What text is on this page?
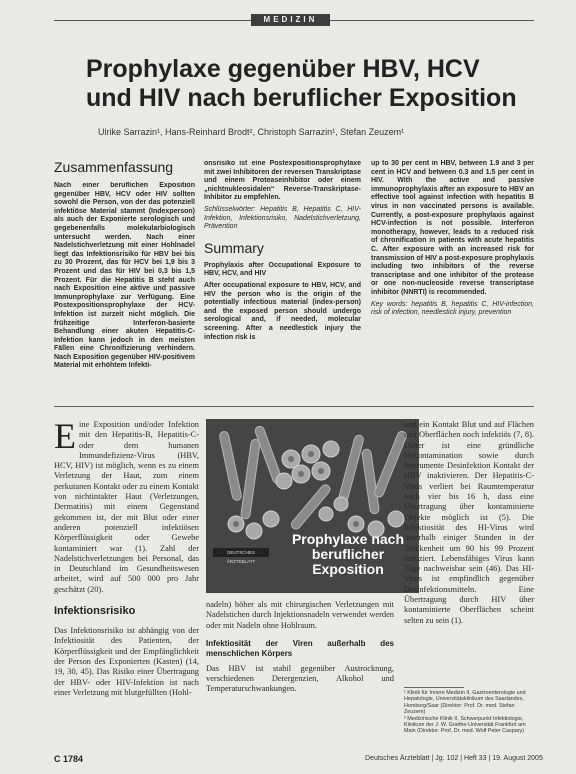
MEDIZIN
Prophylaxe gegenüber HBV, HCV
und HIV nach beruflicher Exposition
Ulrike Sarrazin¹, Hans-Reinhard Brodt², Christoph Sarrazin¹, Stefan Zeuzem¹
Zusammenfassung

Nach einer beruflichen Exposition gegenüber HBV, HCV oder HIV sollten sowohl die Person, von der das potenziell infektiöse Material stammt (Indexperson) als auch der Exponierte serologisch und gegebenenfalls molekularbiologisch untersucht werden. Nach einer Nadelstichverletzung mit einer Hohlnadel liegt das Infektionsrisiko für HBV bei bis zu 30 Prozent, das für HCV bei 1,9 bis 3 Prozent und das für HIV bei 0,3 bis 1,5 Prozent. Für die Hepatitis B steht auch nach Exposition eine aktive und passive Immunprophylaxe zur Verfügung. Eine Postexpositionsprophylaxe der HCV-Infektion ist zurzeit nicht möglich. Die frühzeitige Interferon-basierte Behandlung einer akuten Hepatitis-C-Infektion kann jedoch in den meisten Fällen eine Chronifizierung verhindern. Nach Exposition gegenüber HIV-positivem Material mit erhöhtem Infekti-

onsrisiko ist eine Postexpositionsprophylaxe mit zwei Inhibitoren der reversen Transkriptase und einem Proteaseinhibitor oder einem „nichtnukleosidalen“ Reverse-Transkriptase-Inhibitor zu empfehlen.

Schlüsselwörter: Hepatitis B, Hepatitis C, HIV-Infektion, Infektionsrisiko, Nadelstichverletzung, Prävention

Summary

Prophylaxis after Occupational Exposure to HBV, HCV, and HIV

After occupational exposure to HBV, HCV, and HIV the person who is the origin of the potentially infectious material (index-person) and the exposed person should undergo serological and, if needed, molecular screening. After a needlestick injury the infection risk is

up to 30 per cent in HBV, between 1.9 and 3 per cent in HCV and between 0.3 and 1.5 per cent in HIV. With the active and passive immunoprophylaxis after an exposure to HBV an effective tool against infection with hepatitis B virus in non vaccinated persons is available. Currently, a post-exposure prophylaxis against HCV-infection is not possible. Interferon monotherapy, however, leads to a reduced risk of chronification in patients with acute hepatitis C. After exposure with an increased risk for transmission of HIV a post-exposure prophylaxis including two inhibitors of the reverse transcriptase and one inhibitor of the protease or one non-nucleoside reverse transcriptase inhibitor (NNRTI) is recommended.

Key words: hepatitis B, hepatitis C, HIV-infection, risk of infection, needlestick injury, prevention

E ine Exposition und/oder Infektion mit den Hepatitis-B, Hepatitis-C- oder dem humanen Immundefizienz-Virus (HBV, HCV, HIV) ist möglich, wenn es zu einem Verletzung der Haut, zum einem perkutanen Kontakt oder zu einem Kontakt von nichtintakter Haut (Verletzungen, Dermatitis) mit einem Gegenstand gekommen ist, der mit Blut oder einer anderen potenziell infektiösen Körperflüssigkeit oder Gewebe kontaminiert war (1). Zahl der Nadelstichverletzungen bei Personal, das in Deutschland im Gesundheitswesen arbeitet, wird auf 500 000 pro Jahr geschätzt (20).
Infektionsrisiko
Das Infektionsrisiko ist abhängig von der Infektiosität des Patienten, der Körperflüssigkeit und der Empfänglichkeit der Person des Exponierten (Kasten) (14, 19, 30, 45). Das Risiko einer Übertragung der HBV- oder HIV-Infektion ist nach einer Verletzung mit blutgefüllten (Hohl-
DEUTSCHES ÄRZTEBLATT
Prophylaxe nach
beruflicher Exposition
nadeln) höher als mit chirurgischen Verletzungen mit Nadelstichen durch Injektionsnadeln verwendet werden oder mit Nadeln ohne Hohlraum.
Infektiosität der Viren außerhalb des menschlichen Körpers
Das HBV ist stabil gegenüber Austrocknung, verschiedenen Detergenzien, Alkohol und Temperaturschwankungen.
und ein Kontakt Blut und auf Flächen und Oberflächen noch infektiös (7, 8). Daher ist eine gründliche Dekontamination sowie durch Instrumente Desinfektion Kontakt der HBV inaktivieren. Der Hepatitis-C-Virus verliert bei Raumtemperatur nach vier bis 16 h, dass eine Übertragung über kontaminierte Objekte möglich ist (5). Die Infektiosität des HI-Virus wird innerhalb einiger Stunden in der Trockenheit um 90 bis 99 Prozent reduziert. Lebensfähiges Virus kann Tage nachweisbar sein (46). Das HI-Virus ist empfindlich gegenüber Desinfektionsmitteln. Eine Übertragung durch HIV über kontaminierte Oberflächen scheint selten zu sein (1).
¹ Klinik für Innere Medizin II, Gastroenterologie und Hepatologie, Universitätsklinikum des Saarlandes, Homburg/Saar (Direktor: Prof. Dr. med. Stefan Zeuzem)
² Medizinische Klinik II, Schwerpunkt Infektiologie, Klinikum der J. W. Goethe-Universität Frankfurt am Main (Direktor: Prof. Dr. med. Wolf Peter Caspary)
C 1784	Deutsches Ärzteblatt | Jg. 102 | Heft 33 | 19. August 2005
